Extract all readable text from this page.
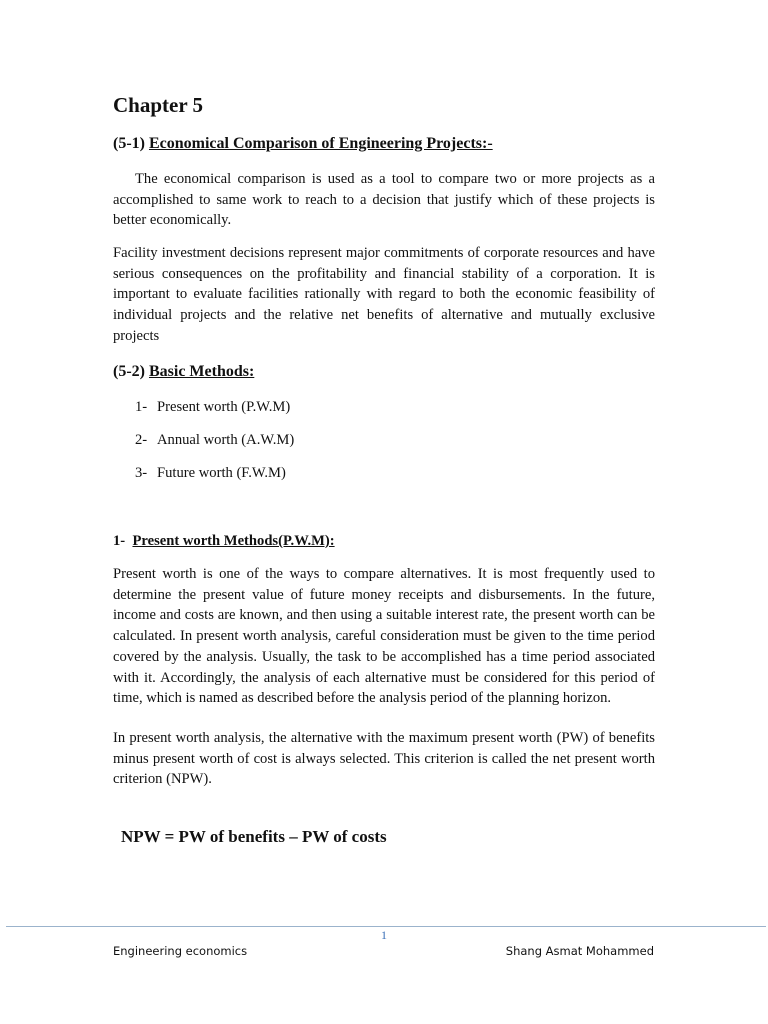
Chapter 5
(5-1) Economical Comparison of Engineering Projects:-

The economical comparison is used as a tool to compare two or more projects as a accomplished to same work to reach to a decision that justify which of these projects is better economically.

Facility investment decisions represent major commitments of corporate resources and have serious consequences on the profitability and financial stability of a corporation. It is important to evaluate facilities rationally with regard to both the economic feasibility of individual projects and the relative net benefits of alternative and mutually exclusive projects

(5-2) Basic Methods:
1- Present worth (P.W.M)
2- Annual worth (A.W.M)
3- Future worth (F.W.M)
1- Present worth Methods(P.W.M):

Present worth is one of the ways to compare alternatives. It is most frequently used to determine the present value of future money receipts and disbursements. In the future, income and costs are known, and then using a suitable interest rate, the present worth can be calculated. In present worth analysis, careful consideration must be given to the time period covered by the analysis. Usually, the task to be accomplished has a time period associated with it. Accordingly, the analysis of each alternative must be considered for this period of time, which is named as described before the analysis period of the planning horizon.

In present worth analysis, the alternative with the maximum present worth (PW) of benefits minus present worth of cost is always selected. This criterion is called the net present worth criterion (NPW).

NPW = PW of benefits – PW of costs
1
Engineering economics	Shang Asmat Mohammed
